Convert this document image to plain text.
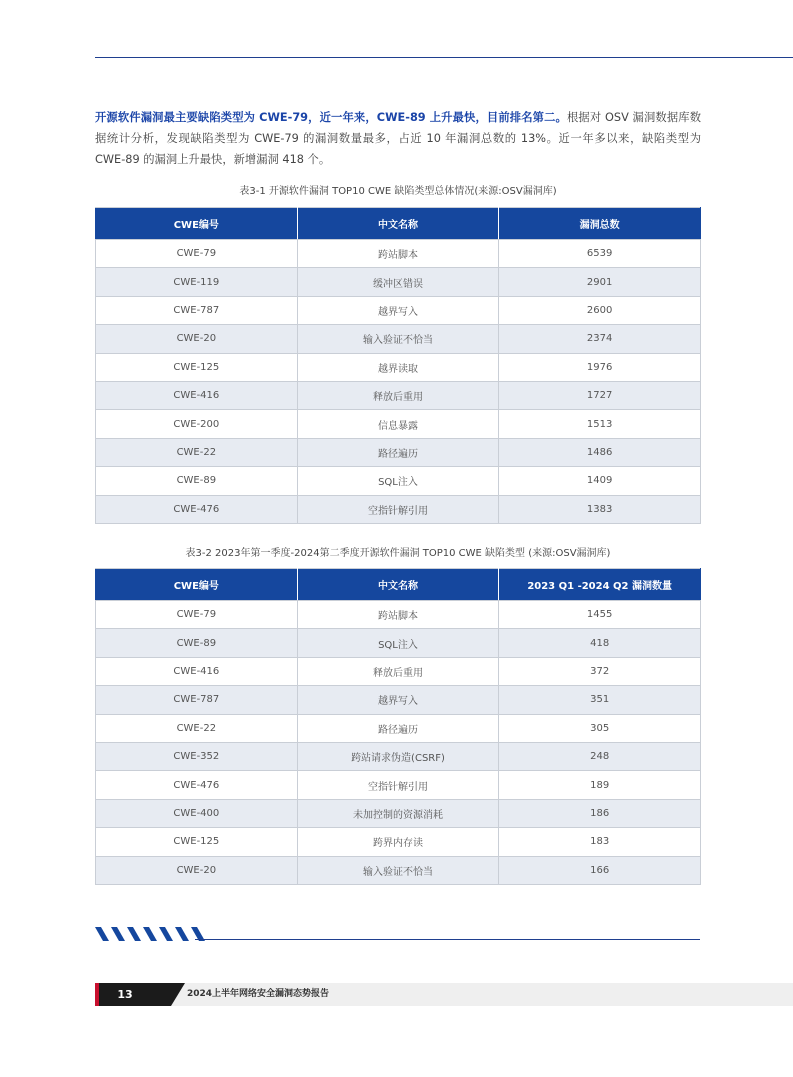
开源软件漏洞最主要缺陷类型为 CWE-79，近一年来，CWE-89 上升最快，目前排名第二。根据对 OSV 漏洞数据库数据统计分析，发现缺陷类型为 CWE-79 的漏洞数量最多，占近 10 年漏洞总数的 13%。近一年多以来，缺陷类型为 CWE-89 的漏洞上升最快，新增漏洞 418 个。

表3-1 开源软件漏洞 TOP10 CWE 缺陷类型总体情况(来源:OSV漏洞库)
CWE编号	中文名称	漏洞总数
CWE-79	跨站脚本	6539
CWE-119	缓冲区错误	2901
CWE-787	越界写入	2600
CWE-20	输入验证不恰当	2374
CWE-125	越界读取	1976
CWE-416	释放后重用	1727
CWE-200	信息暴露	1513
CWE-22	路径遍历	1486
CWE-89	SQL注入	1409
CWE-476	空指针解引用	1383
表3-2 2023年第一季度-2024第二季度开源软件漏洞 TOP10 CWE 缺陷类型 (来源:OSV漏洞库)
CWE编号	中文名称	2023 Q1 -2024 Q2 漏洞数量
CWE-79	跨站脚本	1455
CWE-89	SQL注入	418
CWE-416	释放后重用	372
CWE-787	越界写入	351
CWE-22	路径遍历	305
CWE-352	跨站请求伪造(CSRF)	248
CWE-476	空指针解引用	189
CWE-400	未加控制的资源消耗	186
CWE-125	跨界内存读	183
CWE-20	输入验证不恰当	166
13	2024上半年网络安全漏洞态势报告
